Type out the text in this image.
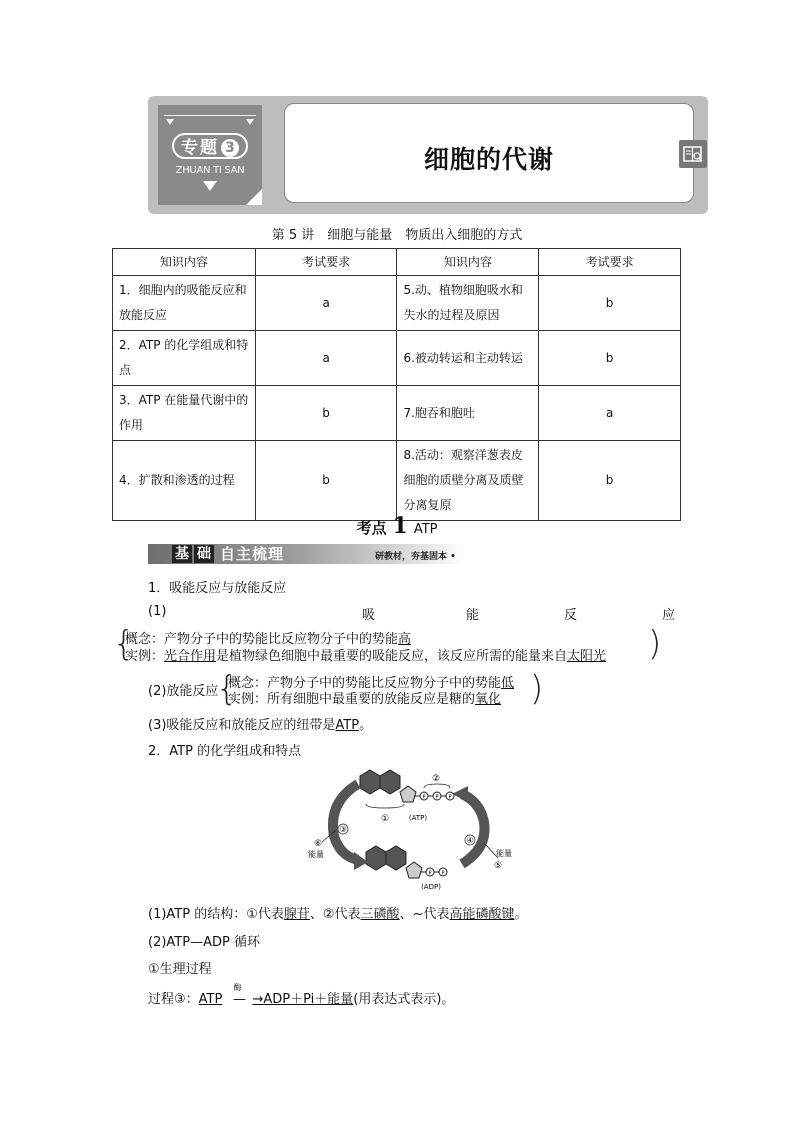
专题 3
ZHUAN TI SAN	细胞的代谢
第 5 讲　细胞与能量　物质出入细胞的方式
知识内容	考试要求	知识内容	考试要求
1．细胞内的吸能反应和放能反应	a	5.动、植物细胞吸水和失水的过程及原因	b
2．ATP 的化学组成和特点	a	6.被动转运和主动转运	b
3．ATP 在能量代谢中的作用	b	7.胞吞和胞吐	a
4．扩散和渗透的过程	b	8.活动：观察洋葱表皮细胞的质壁分离及质壁分离复原	b
考点 1 ATP
基 础 自主梳理	研教材，夯基固本 •
1．吸能反应与放能反应
(1)	吸	能	反	应
{
概念：产物分子中的势能比反应物分子中的势能高
实例：光合作用是植物绿色细胞中最重要的吸能反应，该反应所需的能量来自太阳光 )
(2)放能反应
{
概念：产物分子中的势能比反应物分子中的势能低
实例：所有细胞中最重要的放能反应是糖的氧化 )
(3)吸能反应和放能反应的纽带是ATP。
2．ATP 的化学组成和特点
P P P
②
①	(ATP)
P P
(ADP)
③
⑥
能量
④
能量
⑤
(1)ATP 的结构：①代表腺苷、②代表三磷酸、~代表高能磷酸键。
(2)ATP—ADP 循环
①生理过程
过程③：ATP —
酶
→ADP＋Pi＋能量(用表达式表示)。
